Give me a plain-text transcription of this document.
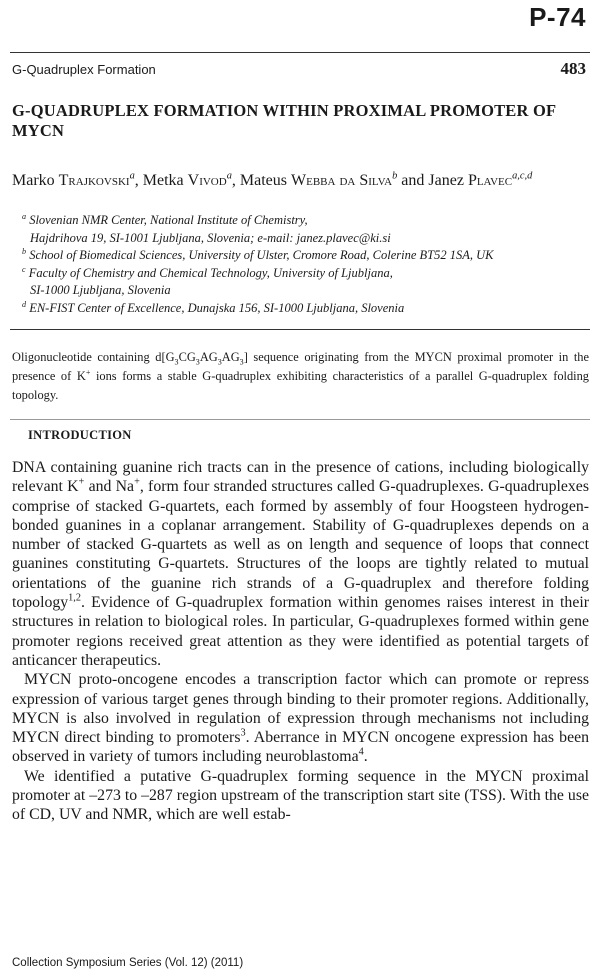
P-74
G-Quadruplex Formation	483
G-QUADRUPLEX FORMATION WITHIN PROXIMAL PROMOTER OF MYCN
Marko Trajkovski$^a$, Metka Vivod$^a$, Mateus Webba da Silva$^b$ and Janez Plavec$^{a,c,d}$
$^a$ Slovenian NMR Center, National Institute of Chemistry,
Hajdrihova 19, SI-1001 Ljubljana, Slovenia; e-mail: janez.plavec@ki.si
$^b$ School of Biomedical Sciences, University of Ulster, Cromore Road, Colerine BT52 1SA, UK
$^c$ Faculty of Chemistry and Chemical Technology, University of Ljubljana,
SI-1000 Ljubljana, Slovenia
$^d$ EN-FIST Center of Excellence, Dunajska 156, SI-1000 Ljubljana, Slovenia
Oligonucleotide containing $d[G_3CG_3AG_3AG_3]$ sequence originating from the MYCN proximal promoter in the presence of K+ ions forms a stable G-quadruplex exhibiting characteristics of a parallel G-quadruplex folding topology.
INTRODUCTION

DNA containing guanine rich tracts can in the presence of cations, including biologically relevant K+ and Na+, form four stranded structures called G-quadruplexes. G-quadruplexes comprise of stacked G-quartets, each formed by assembly of four Hoogsteen hydrogen-bonded guanines in a coplanar arrangement. Stability of G-quadruplexes depends on a number of stacked G-quartets as well as on length and sequence of loops that connect guanines constituting G-quartets. Structures of the loops are tightly related to mutual orientations of the guanine rich strands of a G-quadruplex and therefore folding topology$^{1,2}$. Evidence of G-quadruplex formation within genomes raises interest in their structures in relation to biological roles. In particular, G-quadruplexes formed within gene promoter regions received great attention as they were identified as potential targets of anticancer therapeutics.

MYCN proto-oncogene encodes a transcription factor which can promote or repress expression of various target genes through binding to their promoter regions. Additionally, MYCN is also involved in regulation of expression through mechanisms not including MYCN direct binding to promoters$^3$. Aberrance in MYCN oncogene expression has been observed in variety of tumors including neuroblastoma$^4$.

We identified a putative G-quadruplex forming sequence in the MYCN proximal promoter at –273 to –287 region upstream of the transcription start site (TSS). With the use of CD, UV and NMR, which are well estab-

Collection Symposium Series (Vol. 12) (2011)
